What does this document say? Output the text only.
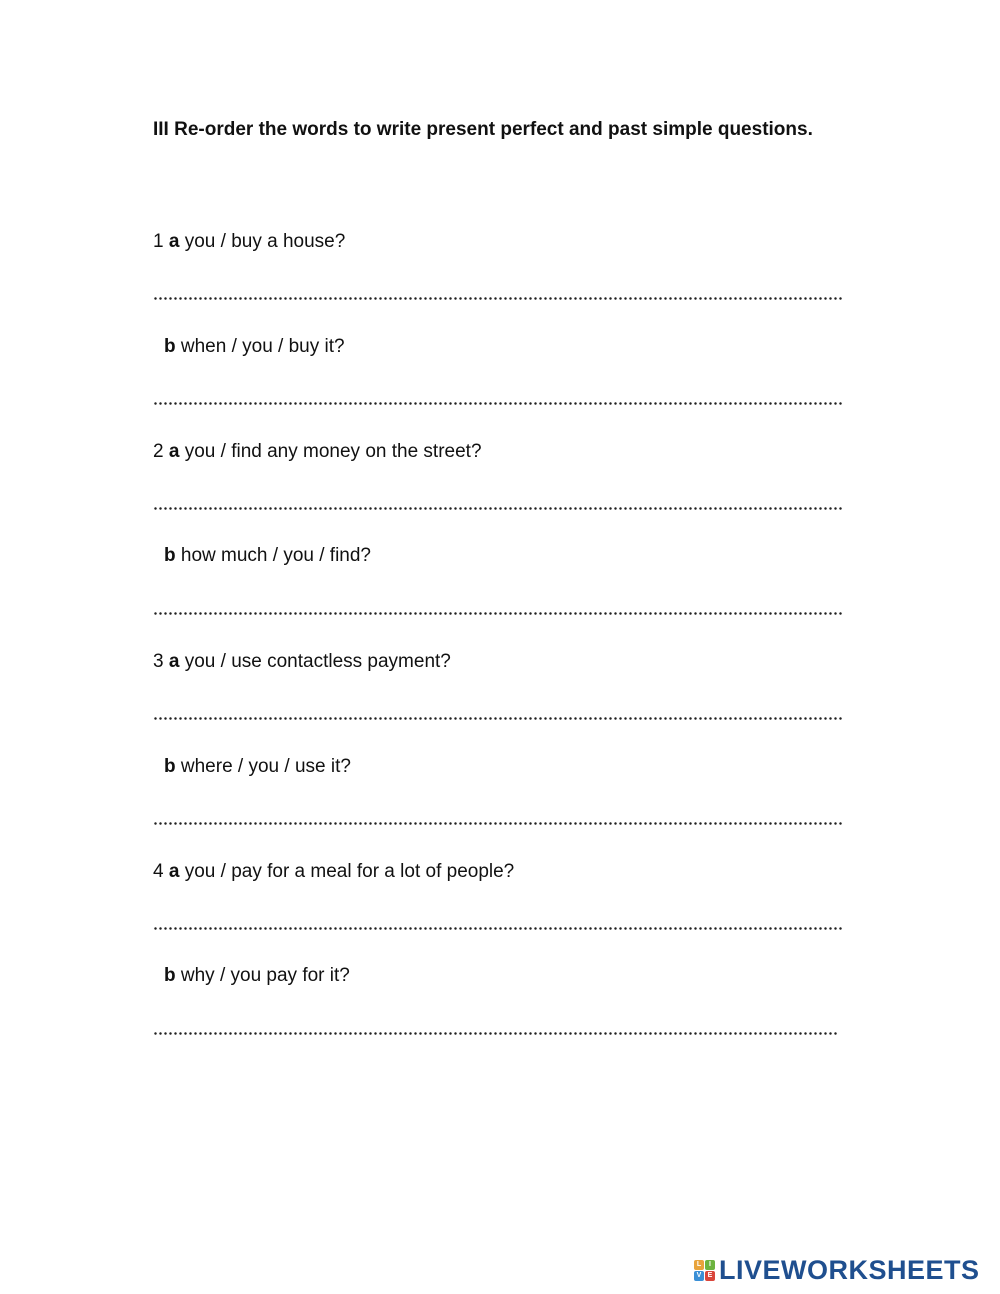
III Re-order the words to write present perfect and past simple questions.
1 a you / buy a house?
b when / you / buy it?
2 a you / find any money on the street?
b how much / you / find?
3 a you / use contactless payment?
b where / you / use it?
4 a you / pay for a meal for a lot of people?
b why / you pay for it?
L	I
V E LIVEWORKSHEETS
